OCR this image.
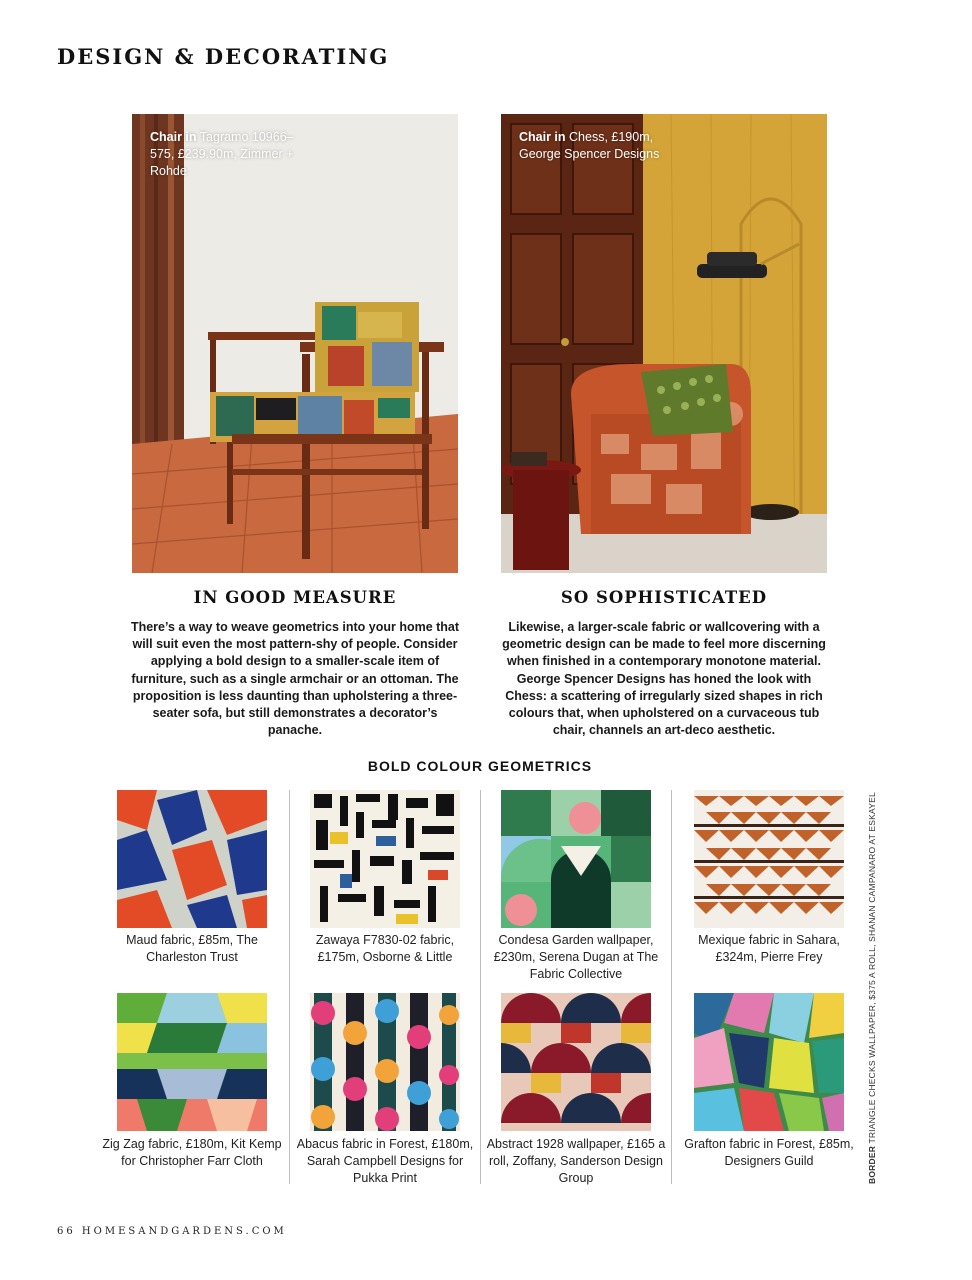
DESIGN & DECORATING
Chair in Tagramo 10966–575, £239.90m, Zimmer + Rohde
Chair in Chess, £190m, George Spencer Designs
IN GOOD MEASURE

There’s a way to weave geometrics into your home that will suit even the most pattern-shy of people. Consider applying a bold design to a smaller-scale item of furniture, such as a single armchair or an ottoman. The proposition is less daunting than upholstering a three-seater sofa, but still demonstrates a decorator’s panache.

SO SOPHISTICATED

Likewise, a larger-scale fabric or wallcovering with a geometric design can be made to feel more discerning when finished in a contemporary monotone material. George Spencer Designs has honed the look with Chess: a scattering of irregularly sized shapes in rich colours that, when upholstered on a curvaceous tub chair, channels an art-deco aesthetic.

BOLD COLOUR GEOMETRICS
Maud fabric, £85m, The Charleston Trust
Zawaya F7830-02 fabric, £175m, Osborne & Little
Condesa Garden wallpaper, £230m, Serena Dugan at The Fabric Collective
Mexique fabric in Sahara, £324m, Pierre Frey
Zig Zag fabric, £180m, Kit Kemp for Christopher Farr Cloth
Abacus fabric in Forest, £180m, Sarah Campbell Designs for Pukka Print
Abstract 1928 wallpaper, £165 a roll, Zoffany, Sanderson Design Group
Grafton fabric in Forest, £85m, Designers Guild	BORDER TRIANGLE CHECKS WALLPAPER, $375 A ROLL, SHANAN CAMPANARO AT ESKAYEL
66 HOMESANDGARDENS.COM
